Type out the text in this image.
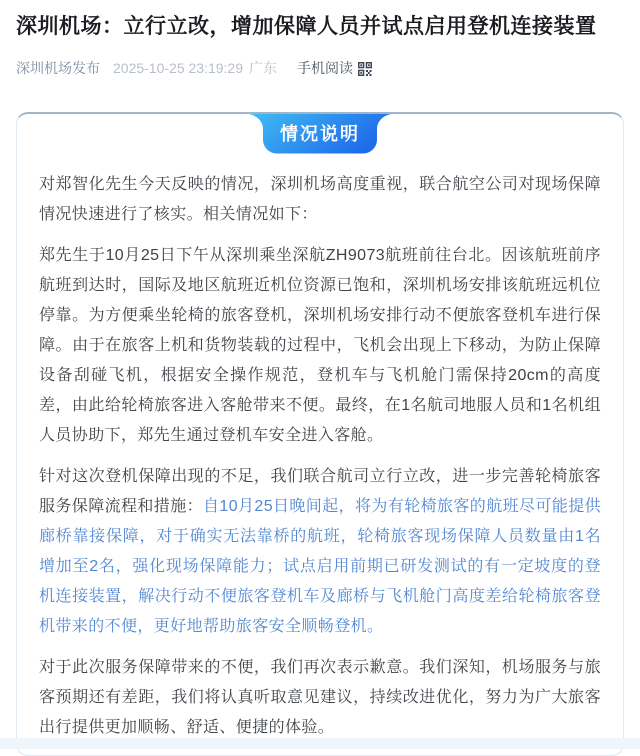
深圳机场：立行立改，增加保障人员并试点启用登机连接装置
深圳机场发布 2025-10-25 23:19:29 广东 手机阅读
情况说明

对郑智化先生今天反映的情况，深圳机场高度重视，联合航空公司对现场保障情况快速进行了核实。相关情况如下：

郑先生于10月25日下午从深圳乘坐深航ZH9073航班前往台北。因该航班前序航班到达时，国际及地区航班近机位资源已饱和，深圳机场安排该航班远机位停靠。为方便乘坐轮椅的旅客登机，深圳机场安排行动不便旅客登机车进行保障。由于在旅客上机和货物装载的过程中，飞机会出现上下移动，为防止保障设备刮碰飞机，根据安全操作规范，登机车与飞机舱门需保持20cm的高度差，由此给轮椅旅客进入客舱带来不便。最终，在1名航司地服人员和1名机组人员协助下，郑先生通过登机车安全进入客舱。

针对这次登机保障出现的不足，我们联合航司立行立改，进一步完善轮椅旅客服务保障流程和措施：自10月25日晚间起，将为有轮椅旅客的航班尽可能提供廊桥靠接保障，对于确实无法靠桥的航班，轮椅旅客现场保障人员数量由1名增加至2名，强化现场保障能力；试点启用前期已研发测试的有一定坡度的登机连接装置，解决行动不便旅客登机车及廊桥与飞机舱门高度差给轮椅旅客登机带来的不便，更好地帮助旅客安全顺畅登机。

对于此次服务保障带来的不便，我们再次表示歉意。我们深知，机场服务与旅客预期还有差距，我们将认真听取意见建议，持续改进优化，努力为广大旅客出行提供更加顺畅、舒适、便捷的体验。
